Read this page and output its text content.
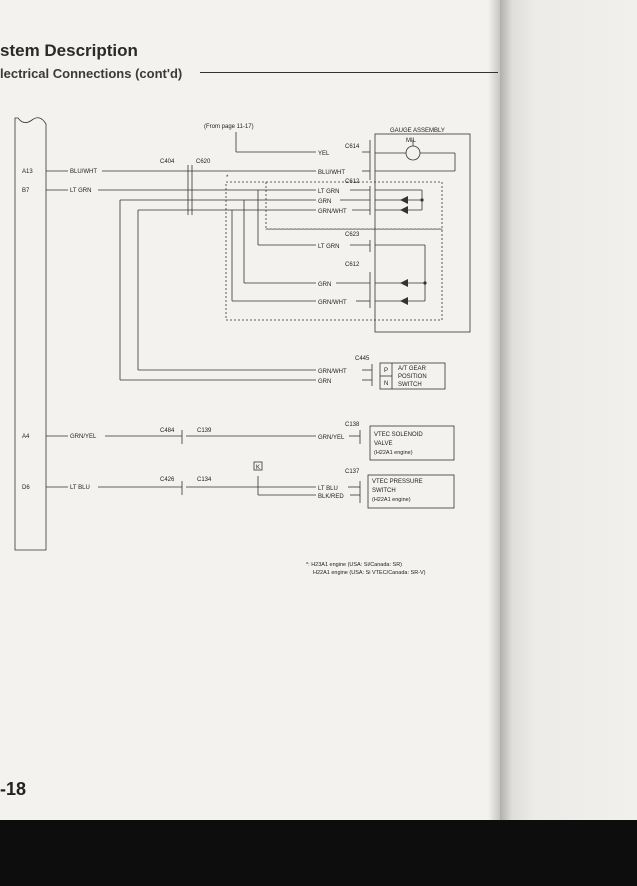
stem Description
lectrical Connections (cont'd)
-18
A13
B7
A4
D6
BLU/WHT
LT GRN
GRN/YEL
LT BLU
C404	C620
(From page 11-17)
*
C614
C612
C623
C612
C445
C484	C139
C138
C426	C134
C137
YEL
BLU/WHT
LT GRN
GRN
GRN/WHT
LT GRN
GRN
GRN/WHT
GRN/WHT
GRN
GRN/YEL
LT BLU
BLK/RED
GAUGE ASSEMBLY
MIL
K
P
N
A/T GEAR
POSITION
SWITCH
VTEC SOLENOID
VALVE
(H22A1 engine)
VTEC PRESSURE
SWITCH
(H22A1 engine)
*: H23A1 engine (USA: Si/Canada: SR)
H22A1 engine (USA: Si VTEC/Canada: SR-V)
